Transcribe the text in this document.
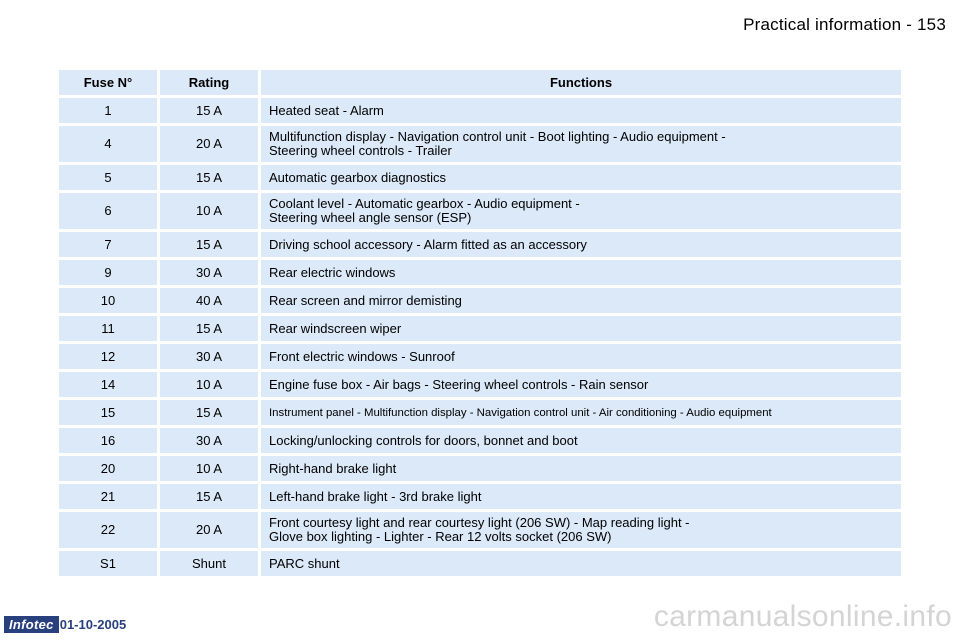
Practical information - 153
Fuse N°	Rating	Functions
1	15 A	Heated seat - Alarm

4	20 A	Multifunction display - Navigation control unit - Boot lighting - Audio equipment -
Steering wheel controls - Trailer

5	15 A	Automatic gearbox diagnostics

6	10 A	Coolant level - Automatic gearbox - Audio equipment -
Steering wheel angle sensor (ESP)

7	15 A	Driving school accessory - Alarm fitted as an accessory

9	30 A	Rear electric windows

10	40 A	Rear screen and mirror demisting

11	15 A	Rear windscreen wiper

12	30 A	Front electric windows - Sunroof

14	10 A	Engine fuse box - Air bags - Steering wheel controls - Rain sensor

15	15 A	Instrument panel - Multifunction display - Navigation control unit - Air conditioning - Audio equipment

16	30 A	Locking/unlocking controls for doors, bonnet and boot

20	10 A	Right-hand brake light

21	15 A	Left-hand brake light - 3rd brake light

22	20 A	Front courtesy light and rear courtesy light (206 SW) - Map reading light -
Glove box lighting - Lighter - Rear 12 volts socket (206 SW)

S1	Shunt	PARC shunt
Infotec 01-10-2005	carmanualsonline.info
